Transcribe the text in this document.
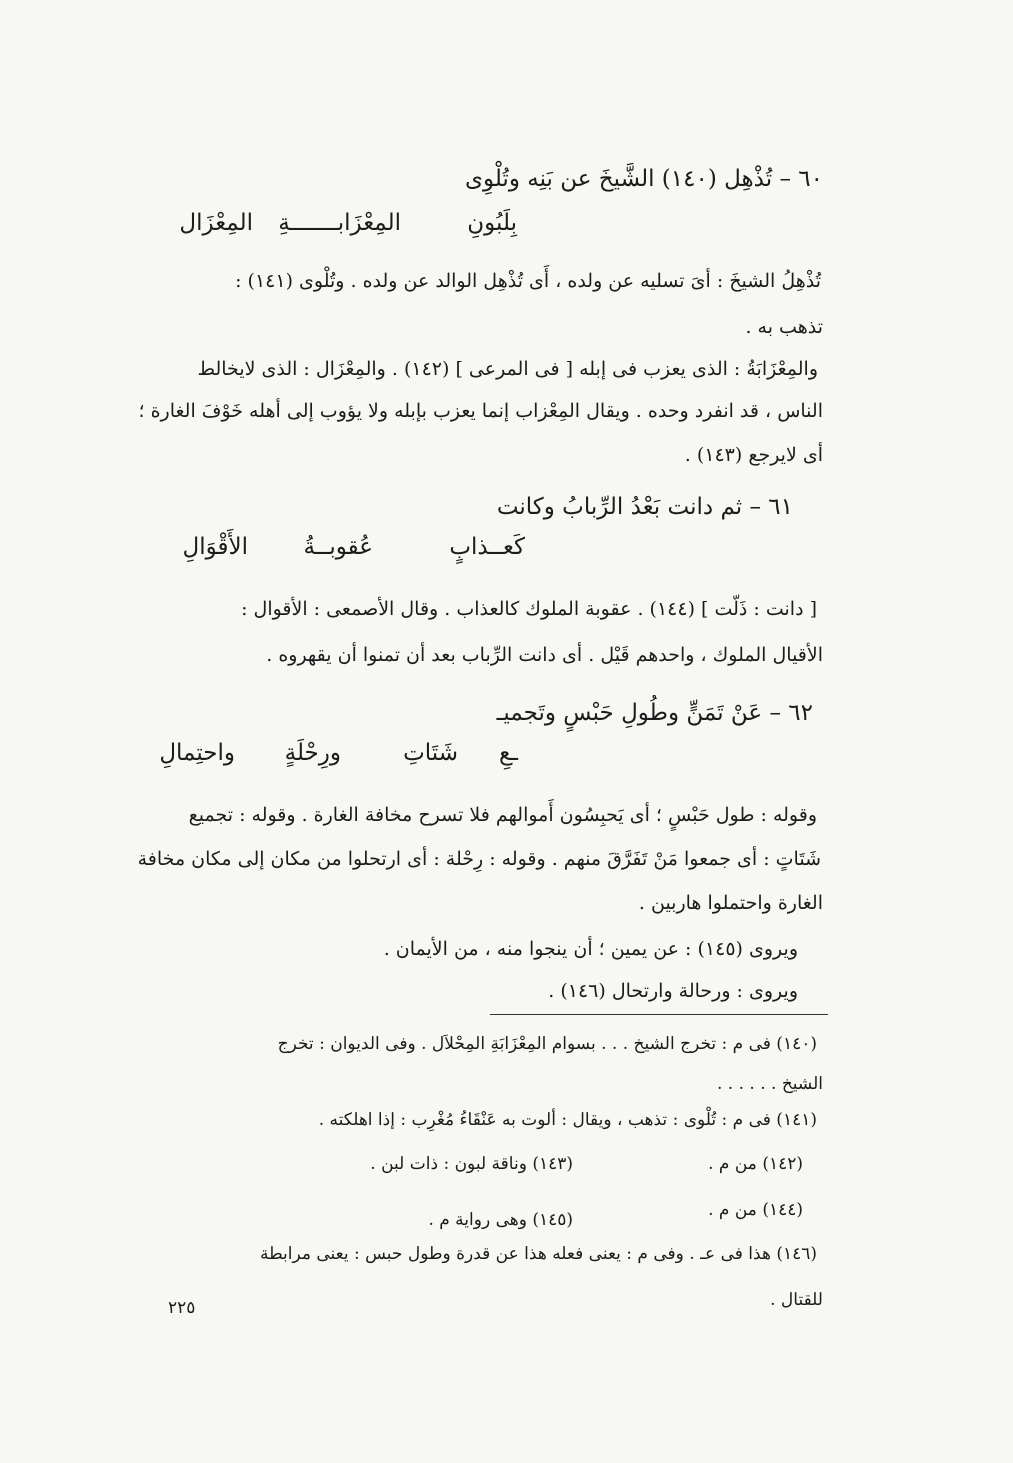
٦٠ – تُذْهِل (١٤٠) الشَّيخَ عن بَنِه وتُلْوِى
بِلَبُونِ
المِعْزَابـــــــةِ
المِعْزَال
تُذْهِلُ الشيخَ : أىَ تسليه عن ولده ، أَى تُذْهِل الوالد عن ولده . وتُلْوى (١٤١) :
تذهب به .
والمِعْزَابَةُ : الذى يعزب فى إبله [ فى المرعى ] (١٤٢) . والمِعْزَال : الذى لايخالط
الناس ، قد انفرد وحده . ويقال المِعْزاب إنما يعزب بإبله ولا يؤوب إلى أهله خَوْفَ الغارة ؛
أى لايرجع (١٤٣) .
٦١ – ثم دانت بَعْدُ الرِّبابُ وكانت
كَعــذابٍ
عُقوبــةُ
الأَقْوَالِ
[ دانت : ذَلّت ] (١٤٤) . عقوبة الملوك كالعذاب . وقال الأصمعى : الأقوال :
الأقيال الملوك ، واحدهم قَيْل . أى دانت الرِّباب بعد أن تمنوا أن يقهروه .
٦٢ – عَنْ تَمَنٍّ وطُولِ حَبْسٍ وتَجميـ
ـعِ
شَتَاتِ
ورِحْلَةٍ
واحتِمالِ
وقوله : طول حَبْسٍ ؛ أى يَحبِسُون أَموالهم فلا تسرح مخافة الغارة . وقوله : تجميع
شَتَاتٍ : أى جمعوا مَنْ تَفَرَّقَ منهم . وقوله : رِحْلة : أى ارتحلوا من مكان إلى مكان مخافة
الغارة واحتملوا هاربين .
ويروى (١٤٥) : عن يمين ؛ أن ينجوا منه ، من الأيمان .
ويروى : ورحالة وارتحال (١٤٦) .
(١٤٠) فى م : تخرج الشيخ . . . بسوام المِعْزَابَةِ المِحْلاَل . وفى الديوان : تخرج
الشيخ . . . . . .
(١٤١) فى م : تُلْوى : تذهب ، ويقال : ألوت به عَنْقَاءُ مُغْرِب : إذا اهلكته .
(١٤٢) من م .
(١٤٣) وناقة لبون : ذات لبن .
(١٤٤) من م .
(١٤٥) وهى رواية م .
(١٤٦) هذا فى عـ . وفى م : يعنى فعله هذا عن قدرة وطول حبس : يعنى مرابطة
للقتال .
٢٢٥
